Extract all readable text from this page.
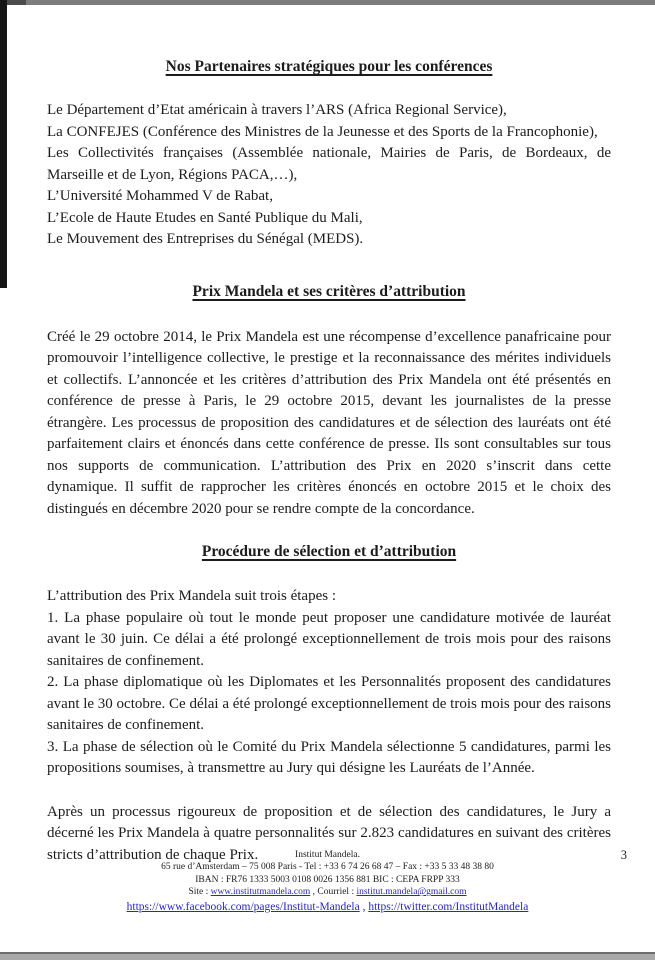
Nos Partenaires stratégiques pour les conférences
Le Département d’Etat américain à travers l’ARS (Africa Regional Service),
La CONFEJES (Conférence des Ministres de la Jeunesse et des Sports de la Francophonie),
Les Collectivités françaises (Assemblée nationale, Mairies de Paris, de Bordeaux, de Marseille et de Lyon, Régions PACA,…),
L’Université Mohammed V de Rabat,
L’Ecole de Haute Etudes en Santé Publique du Mali,
Le Mouvement des Entreprises du Sénégal (MEDS).
Prix Mandela et ses critères d’attribution
Créé le 29 octobre 2014, le Prix Mandela est une récompense d’excellence panafricaine pour promouvoir l’intelligence collective, le prestige et la reconnaissance des mérites individuels et collectifs. L’annoncée et les critères d’attribution des Prix Mandela ont été présentés en conférence de presse à Paris, le 29 octobre 2015, devant les journalistes de la presse étrangère. Les processus de proposition des candidatures et de sélection des lauréats ont été parfaitement clairs et énoncés dans cette conférence de presse. Ils sont consultables sur tous nos supports de communication. L’attribution des Prix en 2020 s’inscrit dans cette dynamique. Il suffit de rapprocher les critères énoncés en octobre 2015 et le choix des distingués en décembre 2020 pour se rendre compte de la concordance.
Procédure de sélection et d’attribution
L’attribution des Prix Mandela suit trois étapes :
1. La phase populaire où tout le monde peut proposer une candidature motivée de lauréat avant le 30 juin. Ce délai a été prolongé exceptionnellement de trois mois pour des raisons sanitaires de confinement.
2. La phase diplomatique où les Diplomates et les Personnalités proposent des candidatures avant le 30 octobre. Ce délai a été prolongé exceptionnellement de trois mois pour des raisons sanitaires de confinement.
3. La phase de sélection où le Comité du Prix Mandela sélectionne 5 candidatures, parmi les propositions soumises, à transmettre au Jury qui désigne les Lauréats de l’Année.
Après un processus rigoureux de proposition et de sélection des candidatures, le Jury a décerné les Prix Mandela à quatre personnalités sur 2.823 candidatures en suivant des critères stricts d’attribution de chaque Prix.	Institut Mandela.
65 rue d’Amsterdam – 75 008 Paris - Tel : +33 6 74 26 68 47 – Fax : +33 5 33 48 38 80
IBAN : FR76 1333 5003 0108 0026 1356 881 BIC : CEPA FRPP 333
Site : www.institutmandela.com , Courriel : institut.mandela@gmail.com
https://www.facebook.com/pages/Institut-Mandela , https://twitter.com/InstitutMandela
3
